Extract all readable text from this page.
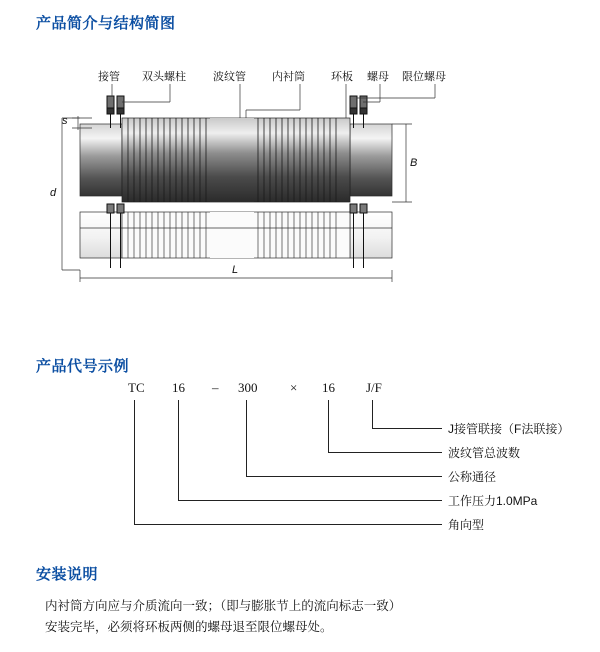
产品简介与结构简图
接管 双头螺柱 波纹管 内衬筒 环板 螺母 限位螺母
s
d
B
L
产品代号示例
TC 16 – 300	× 16 J/F
J接管联接（F法联接）
波纹管总波数
公称通径
工作压力1.0MPa
角向型
安装说明
内衬筒方向应与介质流向一致；（即与膨胀节上的流向标志一致）
安装完毕，必须将环板两侧的螺母退至限位螺母处。
